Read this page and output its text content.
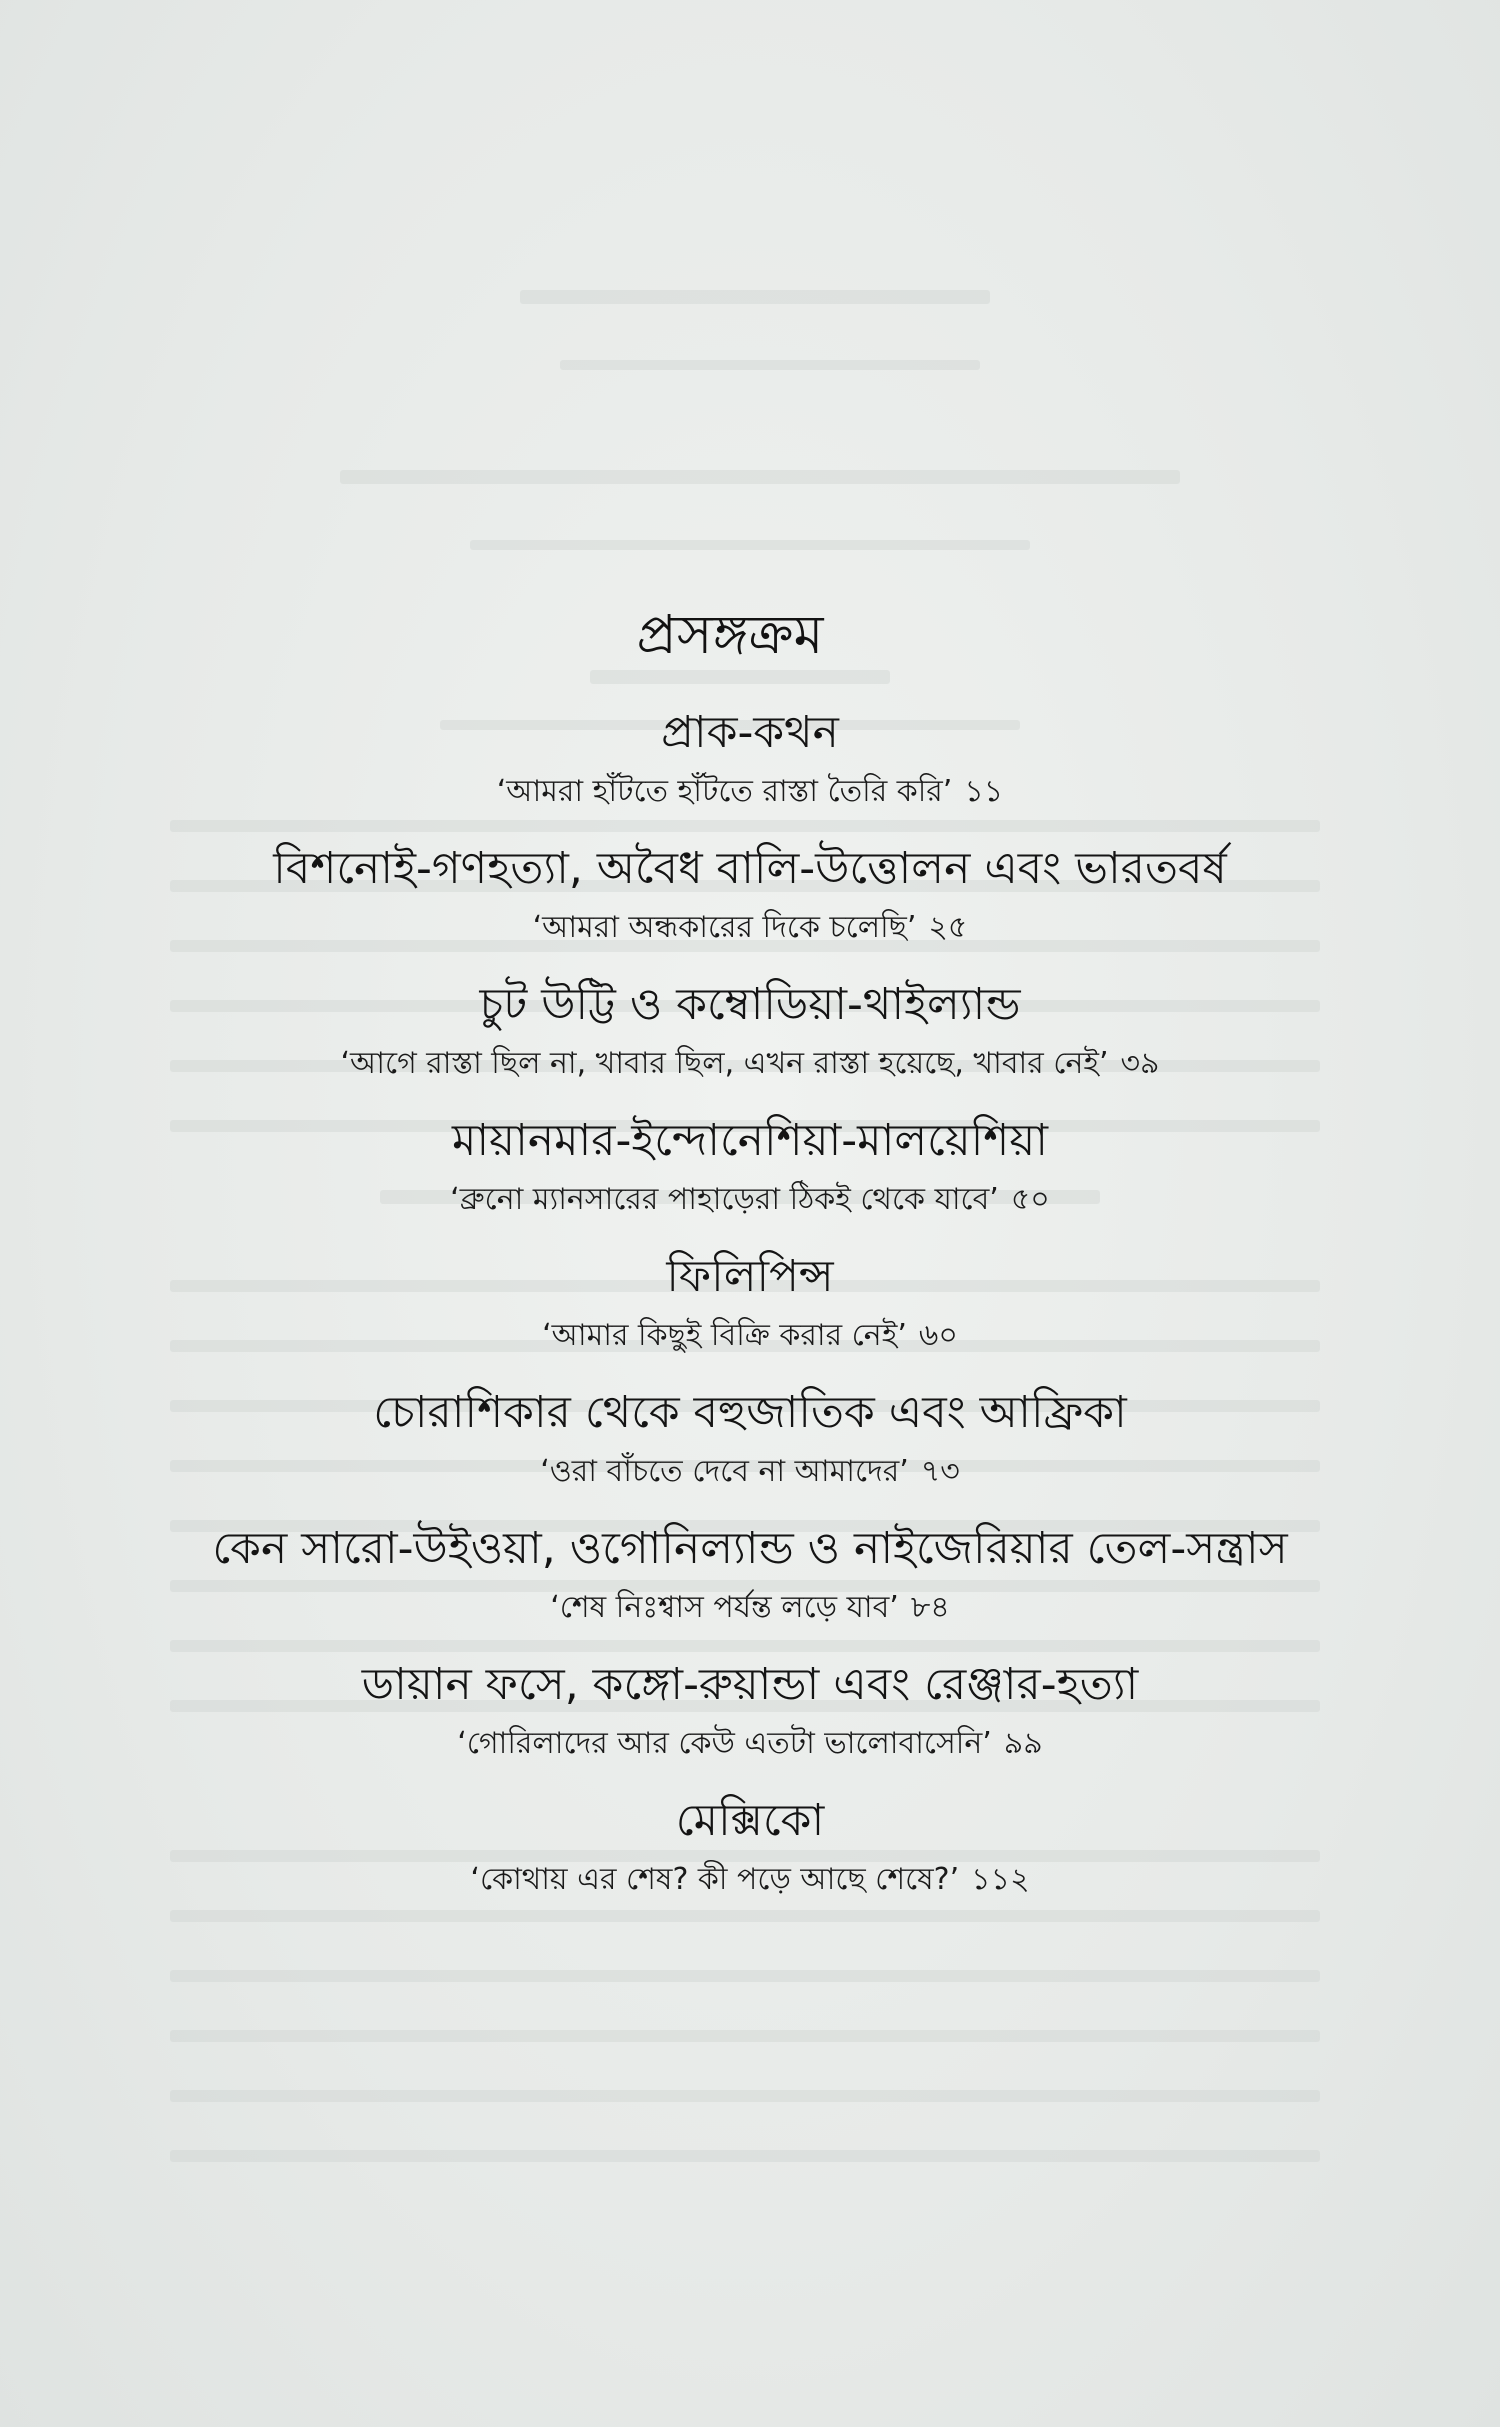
প্রসঙ্গক্রম

প্রাক-কথন

‘আমরা হাঁটতে হাঁটতে রাস্তা তৈরি করি’ ১১

বিশনোই-গণহত্যা, অবৈধ বালি-উত্তোলন এবং ভারতবর্ষ

‘আমরা অন্ধকারের দিকে চলেছি’ ২৫

চুট উট্টি ও কম্বোডিয়া-থাইল্যান্ড

‘আগে রাস্তা ছিল না, খাবার ছিল, এখন রাস্তা হয়েছে, খাবার নেই’ ৩৯

মায়ানমার-ইন্দোনেশিয়া-মালয়েশিয়া

‘ব্রুনো ম্যানসারের পাহাড়েরা ঠিকই থেকে যাবে’ ৫০

ফিলিপিন্স

‘আমার কিছুই বিক্রি করার নেই’ ৬০

চোরাশিকার থেকে বহুজাতিক এবং আফ্রিকা

‘ওরা বাঁচতে দেবে না আমাদের’ ৭৩

কেন সারো-উইওয়া, ওগোনিল্যান্ড ও নাইজেরিয়ার তেল-সন্ত্রাস

‘শেষ নিঃশ্বাস পর্যন্ত লড়ে যাব’ ৮৪

ডায়ান ফসে, কঙ্গো-রুয়ান্ডা এবং রেঞ্জার-হত্যা

‘গোরিলাদের আর কেউ এতটা ভালোবাসেনি’ ৯৯

মেক্সিকো

‘কোথায় এর শেষ? কী পড়ে আছে শেষে?’ ১১২
